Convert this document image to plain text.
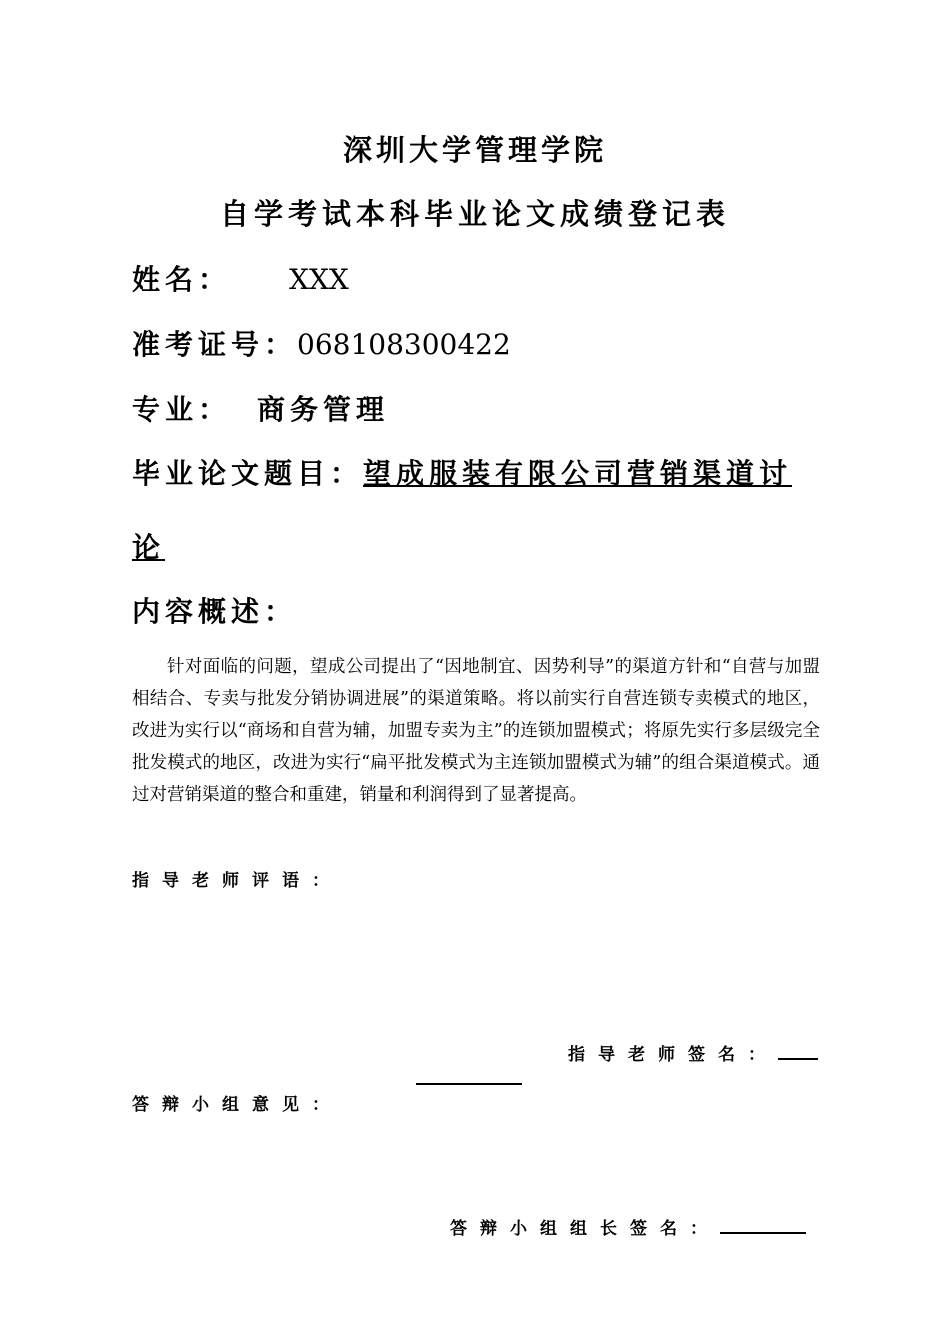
深圳大学管理学院
自学考试本科毕业论文成绩登记表
姓名： XXX
准考证号：068108300422
专业： 商务管理
毕业论文题目：望成服装有限公司营销渠道讨
论
内容概述：
针对面临的问题，望成公司提出了“因地制宜、因势利导”的渠道方针和“自营与加盟相结合、专卖与批发分销协调进展”的渠道策略。将以前实行自营连锁专卖模式的地区，改进为实行以“商场和自营为辅，加盟专卖为主”的连锁加盟模式；将原先实行多层级完全批发模式的地区，改进为实行“扁平批发模式为主连锁加盟模式为辅”的组合渠道模式。通过对营销渠道的整合和重建，销量和利润得到了显著提高。
指导老师评语：
指导老师签名：
答辩小组意见：
答辩小组组长签名：
